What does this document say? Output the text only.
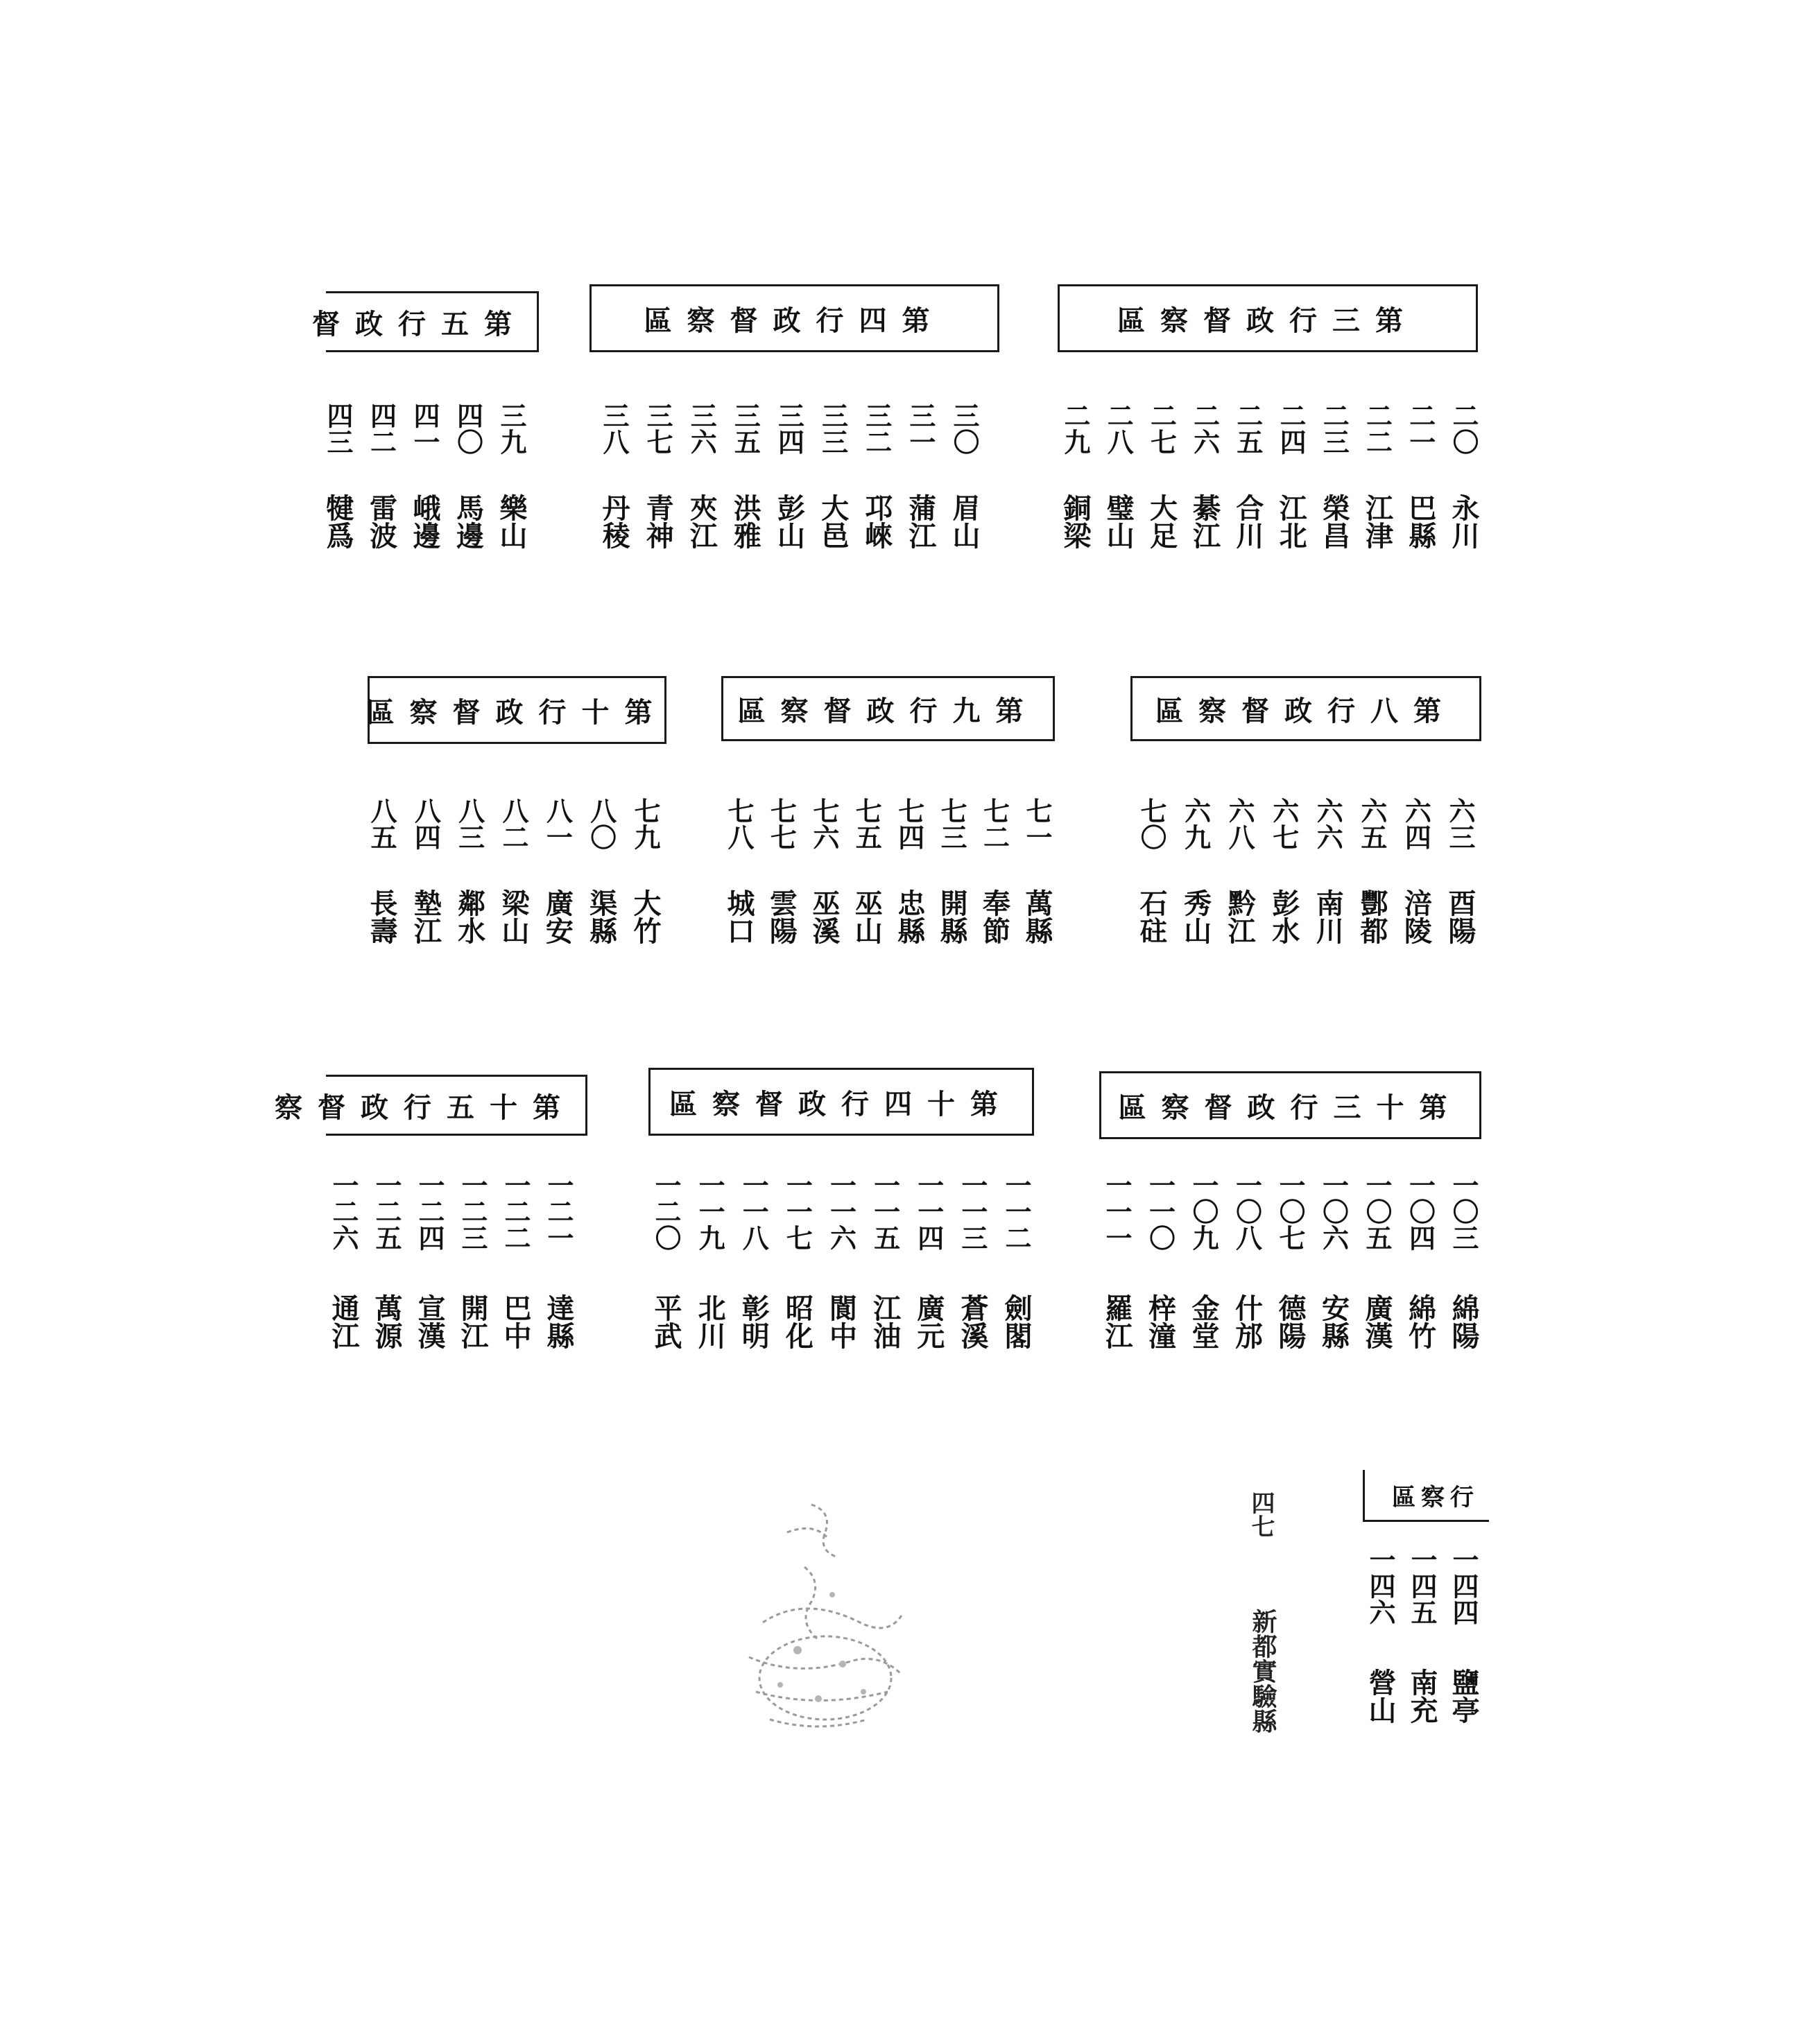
第三行政督察區
二〇
永川
二一
巴縣
二二
江津
二三
榮昌
二四
江北
二五
合川
二六
綦江
二七
大足
二八
璧山
二九
銅梁
第四行政督察區
三〇
眉山
三一
蒲江
三二
邛崍
三三
大邑
三四
彭山
三五
洪雅
三六
夾江
三七
青神
三八
丹稜
第五行政督
三九
樂山
四〇
馬邊
四一
峨邊
四二
雷波
四三
犍爲
第八行政督察區
六三
酉陽
六四
涪陵
六五
酆都
六六
南川
六七
彭水
六八
黔江
六九
秀山
七〇
石砫
第九行政督察區
七一
萬縣
七二
奉節
七三
開縣
七四
忠縣
七五
巫山
七六
巫溪
七七
雲陽
七八
城口
第十行政督察區
七九
大竹
八〇
渠縣
八一
廣安
八二
梁山
八三
鄰水
八四
墊江
八五
長壽
第十三行政督察區
一〇三
綿陽
一〇四
綿竹
一〇五
廣漢
一〇六
安縣
一〇七
德陽
一〇八
什邡
一〇九
金堂
一一〇
梓潼
一一一
羅江
第十四行政督察區
一一二
劍閣
一一三
蒼溪
一一四
廣元
一一五
江油
一一六
閬中
一一七
昭化
一一八
彰明
一一九
北川
一二〇
平武
第十五行政督察
一二一
達縣
一二二
巴中
一二三
開江
一二四
宣漢
一二五
萬源
一二六
通江
行察區
一四四
鹽亭
一四五
南充
一四六
營山
四七
新都實驗縣
